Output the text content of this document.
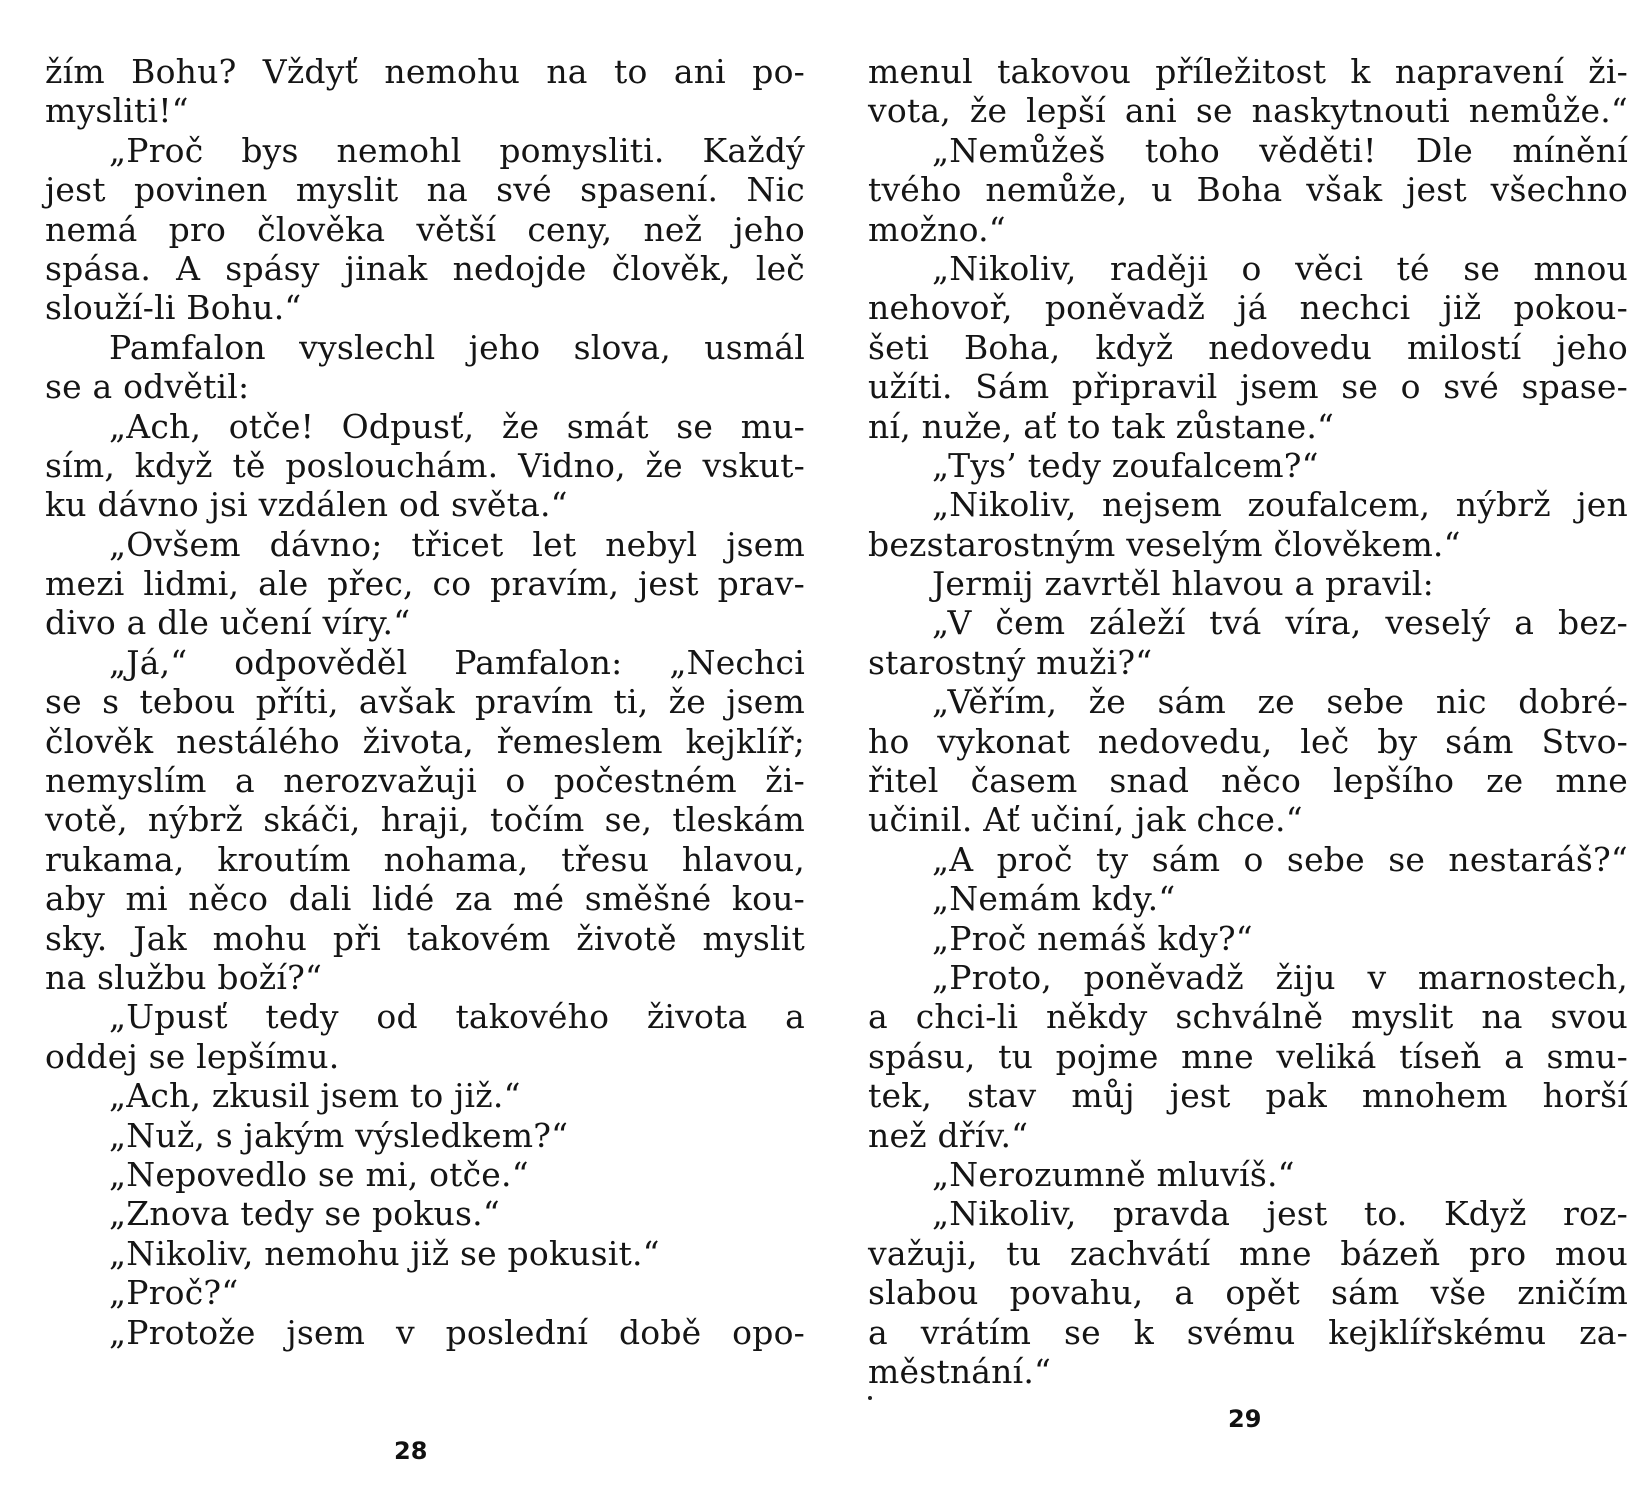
žím Bohu? Vždyť nemohu na to ani po-
mysliti!“
„Proč bys nemohl pomysliti. Každý
jest povinen myslit na své spasení. Nic
nemá pro člověka větší ceny, než jeho
spása. A spásy jinak nedojde člověk, leč
slouží-li Bohu.“
Pamfalon vyslechl jeho slova, usmál
se a odvětil:
„Ach, otče! Odpusť, že smát se mu-
sím, když tě poslouchám. Vidno, že vskut-
ku dávno jsi vzdálen od světa.“
„Ovšem dávno; třicet let nebyl jsem
mezi lidmi, ale přec, co pravím, jest prav-
divo a dle učení víry.“
„Já,“ odpověděl Pamfalon: „Nechci
se s tebou příti, avšak pravím ti, že jsem
člověk nestálého života, řemeslem kejklíř;
nemyslím a nerozvažuji o počestném ži-
votě, nýbrž skáči, hraji, točím se, tleskám
rukama, kroutím nohama, třesu hlavou,
aby mi něco dali lidé za mé směšné kou-
sky. Jak mohu při takovém životě myslit
na službu boží?“
„Upusť tedy od takového života a
oddej se lepšímu.
„Ach, zkusil jsem to již.“
„Nuž, s jakým výsledkem?“
„Nepovedlo se mi, otče.“
„Znova tedy se pokus.“
„Nikoliv, nemohu již se pokusit.“
„Proč?“
„Protože jsem v poslední době opo-
menul takovou příležitost k napravení ži-
vota, že lepší ani se naskytnouti nemůže.“
„Nemůžeš toho věděti! Dle mínění
tvého nemůže, u Boha však jest všechno
možno.“
„Nikoliv, raději o věci té se mnou
nehovoř, poněvadž já nechci již pokou-
šeti Boha, když nedovedu milostí jeho
užíti. Sám připravil jsem se o své spase-
ní, nuže, ať to tak zůstane.“
„Tys’ tedy zoufalcem?“
„Nikoliv, nejsem zoufalcem, nýbrž jen
bezstarostným veselým člověkem.“
Jermij zavrtěl hlavou a pravil:
„V čem záleží tvá víra, veselý a bez-
starostný muži?“
„Věřím, že sám ze sebe nic dobré-
ho vykonat nedovedu, leč by sám Stvo-
řitel časem snad něco lepšího ze mne
učinil. Ať učiní, jak chce.“
„A proč ty sám o sebe se nestaráš?“
„Nemám kdy.“
„Proč nemáš kdy?“
„Proto, poněvadž žiju v marnostech,
a chci-li někdy schválně myslit na svou
spásu, tu pojme mne veliká tíseň a smu-
tek, stav můj jest pak mnohem horší
než dřív.“
„Nerozumně mluvíš.“
„Nikoliv, pravda jest to. Když roz-
važuji, tu zachvátí mne bázeň pro mou
slabou povahu, a opět sám vše zničím
a vrátím se k svému kejklířskému za-
městnání.“
28
29
